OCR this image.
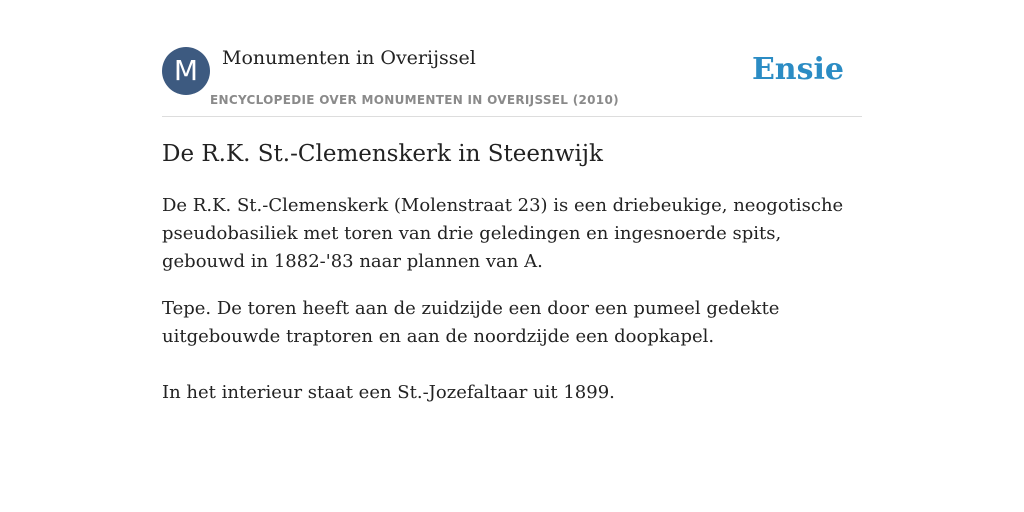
M	Monumenten in Overijssel
ENCYCLOPEDIE OVER MONUMENTEN IN OVERIJSSEL (2010)
Ensie
De R.K. St.-Clemenskerk in Steenwijk

De R.K. St.-Clemenskerk (Molenstraat 23) is een driebeukige, neogotische pseudobasiliek met toren van drie geledingen en ingesnoerde spits, gebouwd in 1882-'83 naar plannen van A.

Tepe. De toren heeft aan de zuidzijde een door een pumeel gedekte uitgebouwde traptoren en aan de noordzijde een doopkapel.

In het interieur staat een St.-Jozefaltaar uit 1899.
